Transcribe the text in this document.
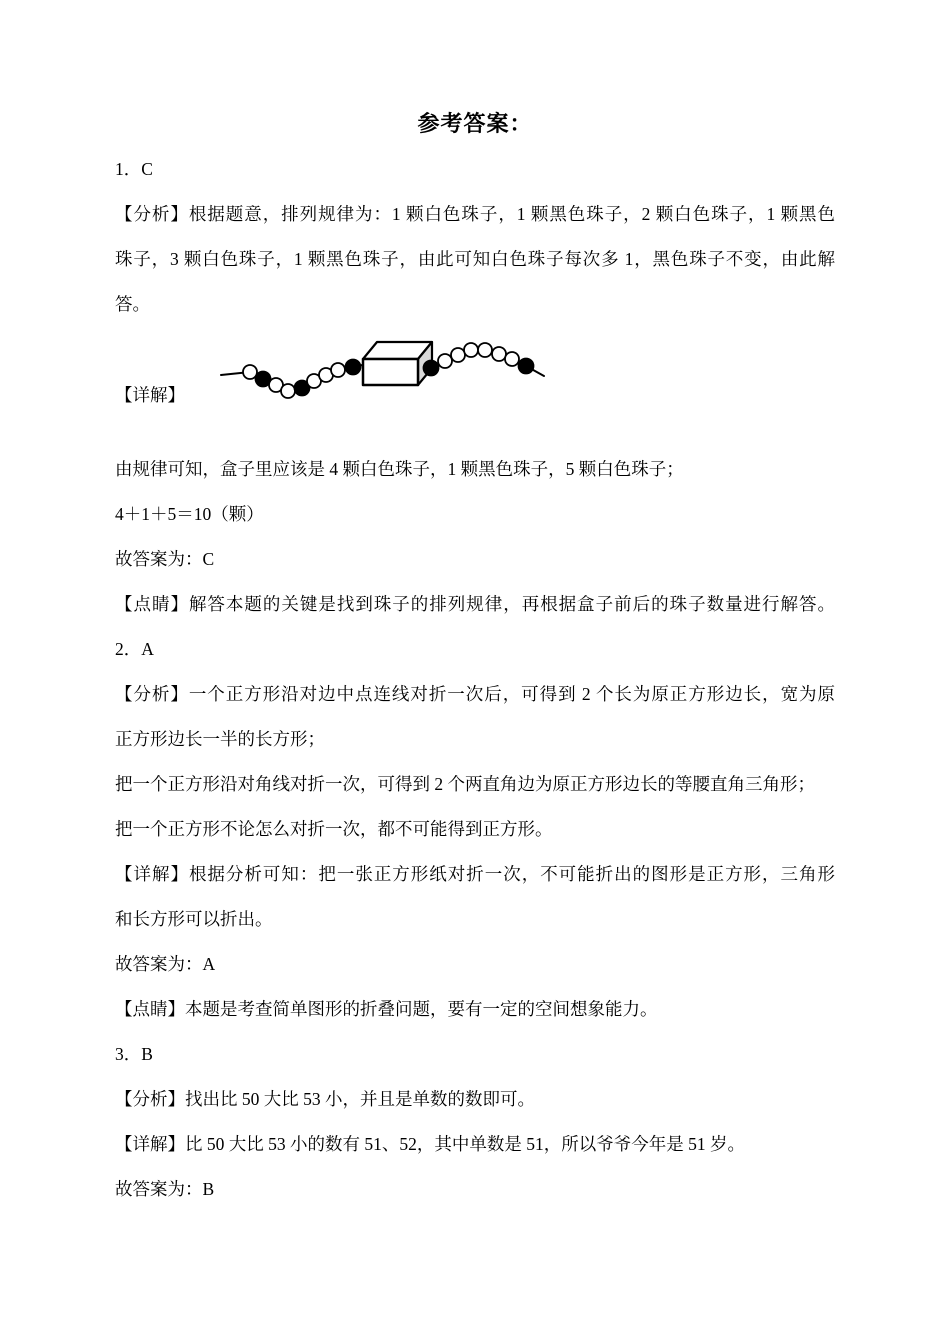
参考答案：
1．C
【分析】根据题意，排列规律为：1 颗白色珠子，1 颗黑色珠子，2 颗白色珠子，1 颗黑色
珠子，3 颗白色珠子，1 颗黑色珠子，由此可知白色珠子每次多 1，黑色珠子不变，由此解
答。
【详解】
由规律可知，盒子里应该是 4 颗白色珠子，1 颗黑色珠子，5 颗白色珠子；
4＋1＋5＝10（颗）
故答案为：C
【点睛】解答本题的关键是找到珠子的排列规律，再根据盒子前后的珠子数量进行解答。
2．A
【分析】一个正方形沿对边中点连线对折一次后，可得到 2 个长为原正方形边长，宽为原
正方形边长一半的长方形；
把一个正方形沿对角线对折一次，可得到 2 个两直角边为原正方形边长的等腰直角三角形；
把一个正方形不论怎么对折一次，都不可能得到正方形。
【详解】根据分析可知：把一张正方形纸对折一次，不可能折出的图形是正方形，三角形
和长方形可以折出。
故答案为：A
【点睛】本题是考查简单图形的折叠问题，要有一定的空间想象能力。
3．B
【分析】找出比 50 大比 53 小，并且是单数的数即可。
【详解】比 50 大比 53 小的数有 51、52，其中单数是 51，所以爷爷今年是 51 岁。
故答案为：B
